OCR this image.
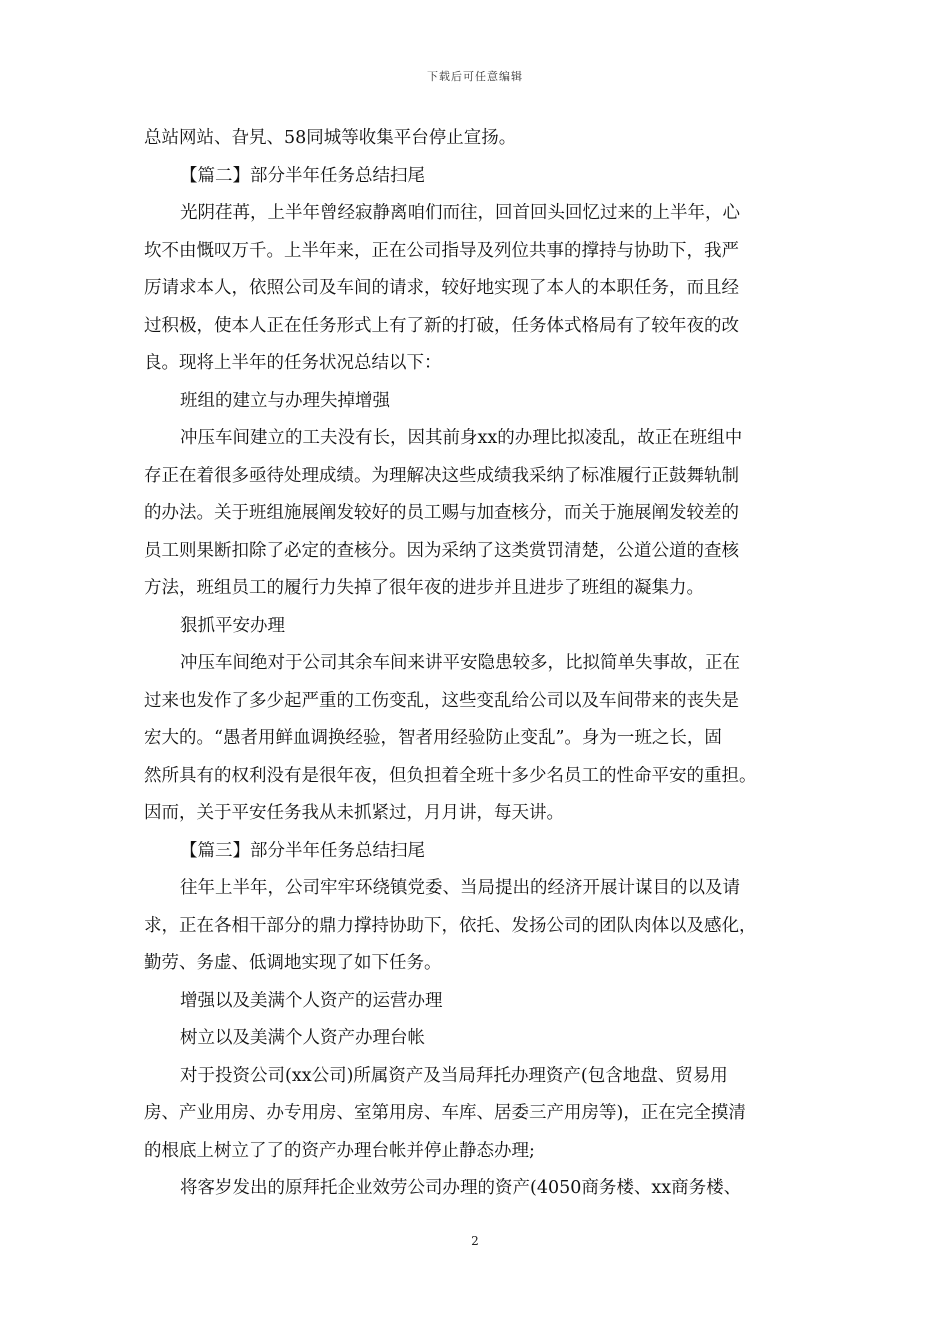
下载后可任意编辑
总站网站、旮旯、58同城等收集平台停止宣扬。
【篇二】部分半年任务总结扫尾
光阴荏苒，上半年曾经寂静离咱们而往，回首回头回忆过来的上半年，心
坎不由慨叹万千。上半年来，正在公司指导及列位共事的撑持与协助下，我严
厉请求本人，依照公司及车间的请求，较好地实现了本人的本职任务，而且经
过积极，使本人正在任务形式上有了新的打破，任务体式格局有了较年夜的改
良。现将上半年的任务状况总结以下：
班组的建立与办理失掉增强
冲压车间建立的工夫没有长，因其前身xx的办理比拟凌乱，故正在班组中
存正在着很多亟待处理成绩。为理解决这些成绩我采纳了标准履行正鼓舞轨制
的办法。关于班组施展阐发较好的员工赐与加查核分，而关于施展阐发较差的
员工则果断扣除了必定的查核分。因为采纳了这类赏罚清楚，公道公道的查核
方法，班组员工的履行力失掉了很年夜的进步并且进步了班组的凝集力。
狠抓平安办理
冲压车间绝对于公司其余车间来讲平安隐患较多，比拟简单失事故，正在
过来也发作了多少起严重的工伤变乱，这些变乱给公司以及车间带来的丧失是
宏大的。“愚者用鲜血调换经验，智者用经验防止变乱”。身为一班之长，固
然所具有的权利没有是很年夜，但负担着全班十多少名员工的性命平安的重担。
因而，关于平安任务我从未抓紧过，月月讲，每天讲。
【篇三】部分半年任务总结扫尾
往年上半年，公司牢牢环绕镇党委、当局提出的经济开展计谋目的以及请
求，正在各相干部分的鼎力撑持协助下，依托、发扬公司的团队肉体以及感化，
勤劳、务虚、低调地实现了如下任务。
增强以及美满个人资产的运营办理
树立以及美满个人资产办理台帐
对于投资公司(xx公司)所属资产及当局拜托办理资产(包含地盘、贸易用
房、产业用房、办专用房、室第用房、车库、居委三产用房等)，正在完全摸清
的根底上树立了了的资产办理台帐并停止静态办理;
将客岁发出的原拜托企业效劳公司办理的资产(4050商务楼、xx商务楼、
2
